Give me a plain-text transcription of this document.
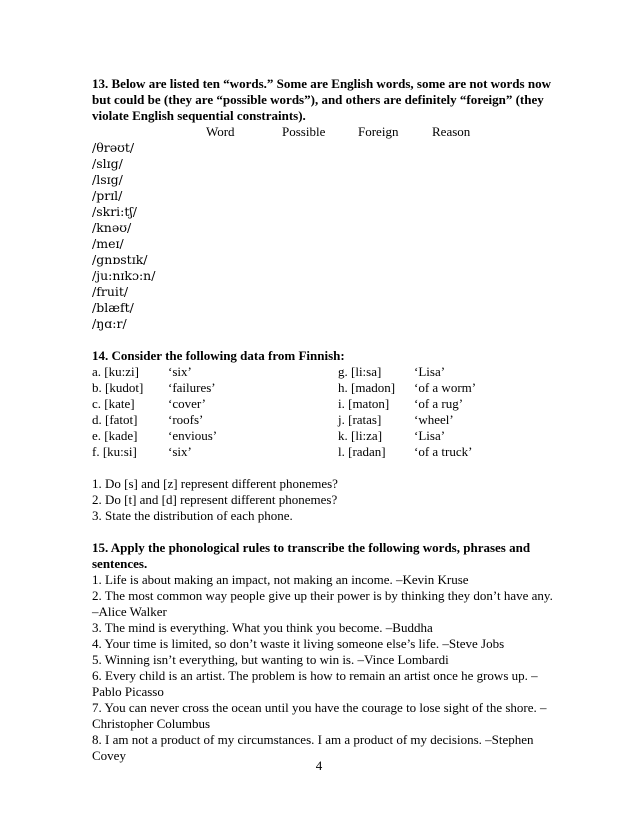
13. Below are listed ten “words.” Some are English words, some are not words now but could be (they are “possible words”), and others are definitely “foreign” (they violate English sequential constraints).
Word	Possible	Foreign	Reason
/θrəʊt/
/slɪg/
/lsɪg/
/prɪl/
/skri:tʃ/
/knəʊ/
/meɪ/
/gnɒstɪk/
/ju:nɪkɔ:n/
/fruit/
/blæft/
/ŋɑ:r/
14. Consider the following data from Finnish:
a. [ku:zi] ‘six’	g. [li:sa]	‘Lisa’
b. [kudot] ‘failures’	h. [madon] ‘of a worm’
c. [kate]	‘cover’	i. [maton] ‘of a rug’
d. [fatot] ‘roofs’	j. [ratas]	‘wheel’
e. [kade] ‘envious’	k. [li:za] ‘Lisa’
f. [ku:si] ‘six’	l. [radan] ‘of a truck’
1. Do [s] and [z] represent different phonemes?
2. Do [t] and [d] represent different phonemes?
3. State the distribution of each phone.
15. Apply the phonological rules to transcribe the following words, phrases and sentences.
1. Life is about making an impact, not making an income. –Kevin Kruse
2. The most common way people give up their power is by thinking they don’t have any. –Alice Walker
3. The mind is everything. What you think you become. –Buddha
4. Your time is limited, so don’t waste it living someone else’s life. –Steve Jobs
5. Winning isn’t everything, but wanting to win is. –Vince Lombardi
6. Every child is an artist. The problem is how to remain an artist once he grows up. –Pablo Picasso
7. You can never cross the ocean until you have the courage to lose sight of the shore. –Christopher Columbus
8. I am not a product of my circumstances. I am a product of my decisions. –Stephen Covey
4
